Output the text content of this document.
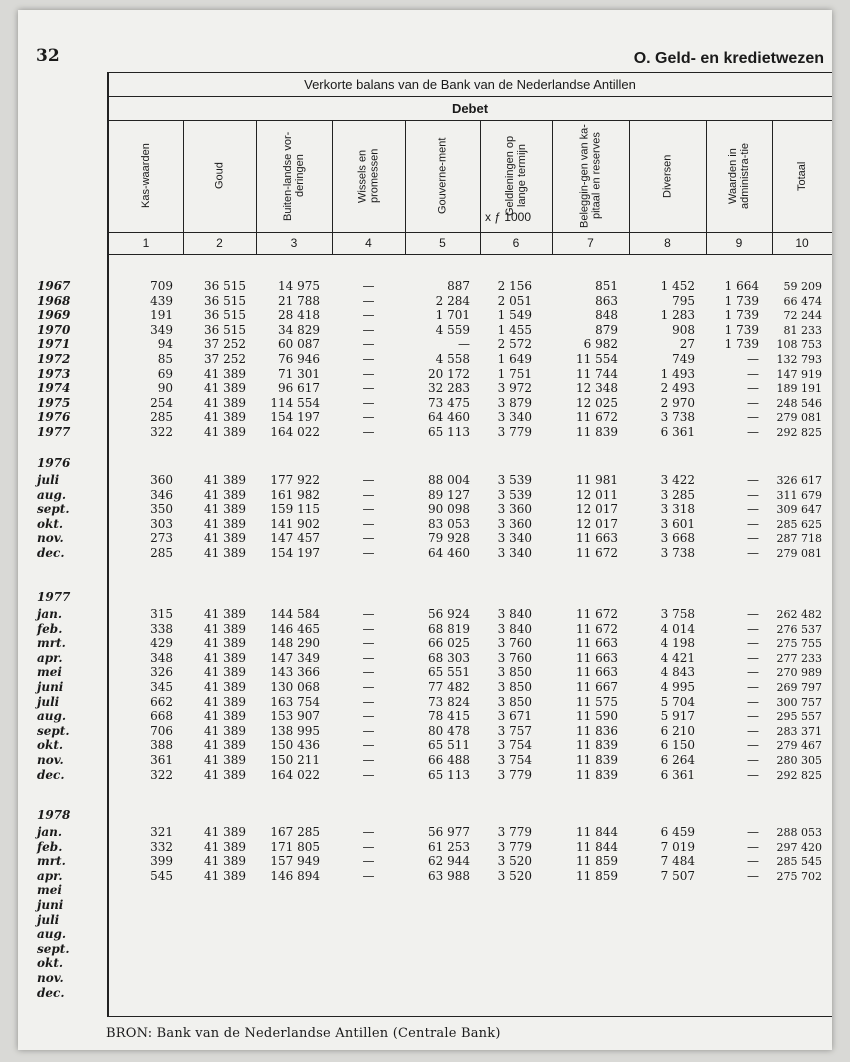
32	O. Geld- en kredietwezen
Verkorte balans van de Bank van de Nederlandse Antillen
Debet
Kas-waarden	Goud	Buiten-landse vor-deringen	Wissels en promessen	Gouverne-ment	Geldleningen op lange termijn	Beleggin-gen van ka-pitaal en reserves	Diversen	Waarden in administra-tie	Totaal
x ƒ 1000
1	2	3	4	5	6	7	8	9	10
1967	709	36 515	14 975	—	887	2 156	851	1 452	1 664	59 209
1968	439	36 515	21 788	—	2 284	2 051	863	795	1 739	66 474
1969	191	36 515	28 418	—	1 701	1 549	848	1 283	1 739	72 244
1970	349	36 515	34 829	—	4 559	1 455	879	908	1 739	81 233
1971	94	37 252	60 087	—	—	2 572	6 982	27	1 739	108 753
1972	85	37 252	76 946	—	4 558	1 649	11 554	749	—	132 793
1973	69	41 389	71 301	—	20 172	1 751	11 744	1 493	—	147 919
1974	90	41 389	96 617	—	32 283	3 972	12 348	2 493	—	189 191
1975	254	41 389	114 554	—	73 475	3 879	12 025	2 970	—	248 546
1976	285	41 389	154 197	—	64 460	3 340	11 672	3 738	—	279 081
1977	322	41 389	164 022	—	65 113	3 779	11 839	6 361	—	292 825
1976
juli	360	41 389	177 922	—	88 004	3 539	11 981	3 422	—	326 617
aug.	346	41 389	161 982	—	89 127	3 539	12 011	3 285	—	311 679
sept.	350	41 389	159 115	—	90 098	3 360	12 017	3 318	—	309 647
okt.	303	41 389	141 902	—	83 053	3 360	12 017	3 601	—	285 625
nov.	273	41 389	147 457	—	79 928	3 340	11 663	3 668	—	287 718
dec.	285	41 389	154 197	—	64 460	3 340	11 672	3 738	—	279 081
1977
jan.	315	41 389	144 584	—	56 924	3 840	11 672	3 758	—	262 482
feb.	338	41 389	146 465	—	68 819	3 840	11 672	4 014	—	276 537
mrt.	429	41 389	148 290	—	66 025	3 760	11 663	4 198	—	275 755
apr.	348	41 389	147 349	—	68 303	3 760	11 663	4 421	—	277 233
mei	326	41 389	143 366	—	65 551	3 850	11 663	4 843	—	270 989
juni	345	41 389	130 068	—	77 482	3 850	11 667	4 995	—	269 797
juli	662	41 389	163 754	—	73 824	3 850	11 575	5 704	—	300 757
aug.	668	41 389	153 907	—	78 415	3 671	11 590	5 917	—	295 557
sept.	706	41 389	138 995	—	80 478	3 757	11 836	6 210	—	283 371
okt.	388	41 389	150 436	—	65 511	3 754	11 839	6 150	—	279 467
nov.	361	41 389	150 211	—	66 488	3 754	11 839	6 264	—	280 305
dec.	322	41 389	164 022	—	65 113	3 779	11 839	6 361	—	292 825
1978
jan.	321	41 389	167 285	—	56 977	3 779	11 844	6 459	—	288 053
feb.	332	41 389	171 805	—	61 253	3 779	11 844	7 019	—	297 420
mrt.	399	41 389	157 949	—	62 944	3 520	11 859	7 484	—	285 545
apr.	545	41 389	146 894	—	63 988	3 520	11 859	7 507	—	275 702
mei
juni
juli
aug.
sept.
okt.
nov.
dec.
BRON: Bank van de Nederlandse Antillen (Centrale Bank)
